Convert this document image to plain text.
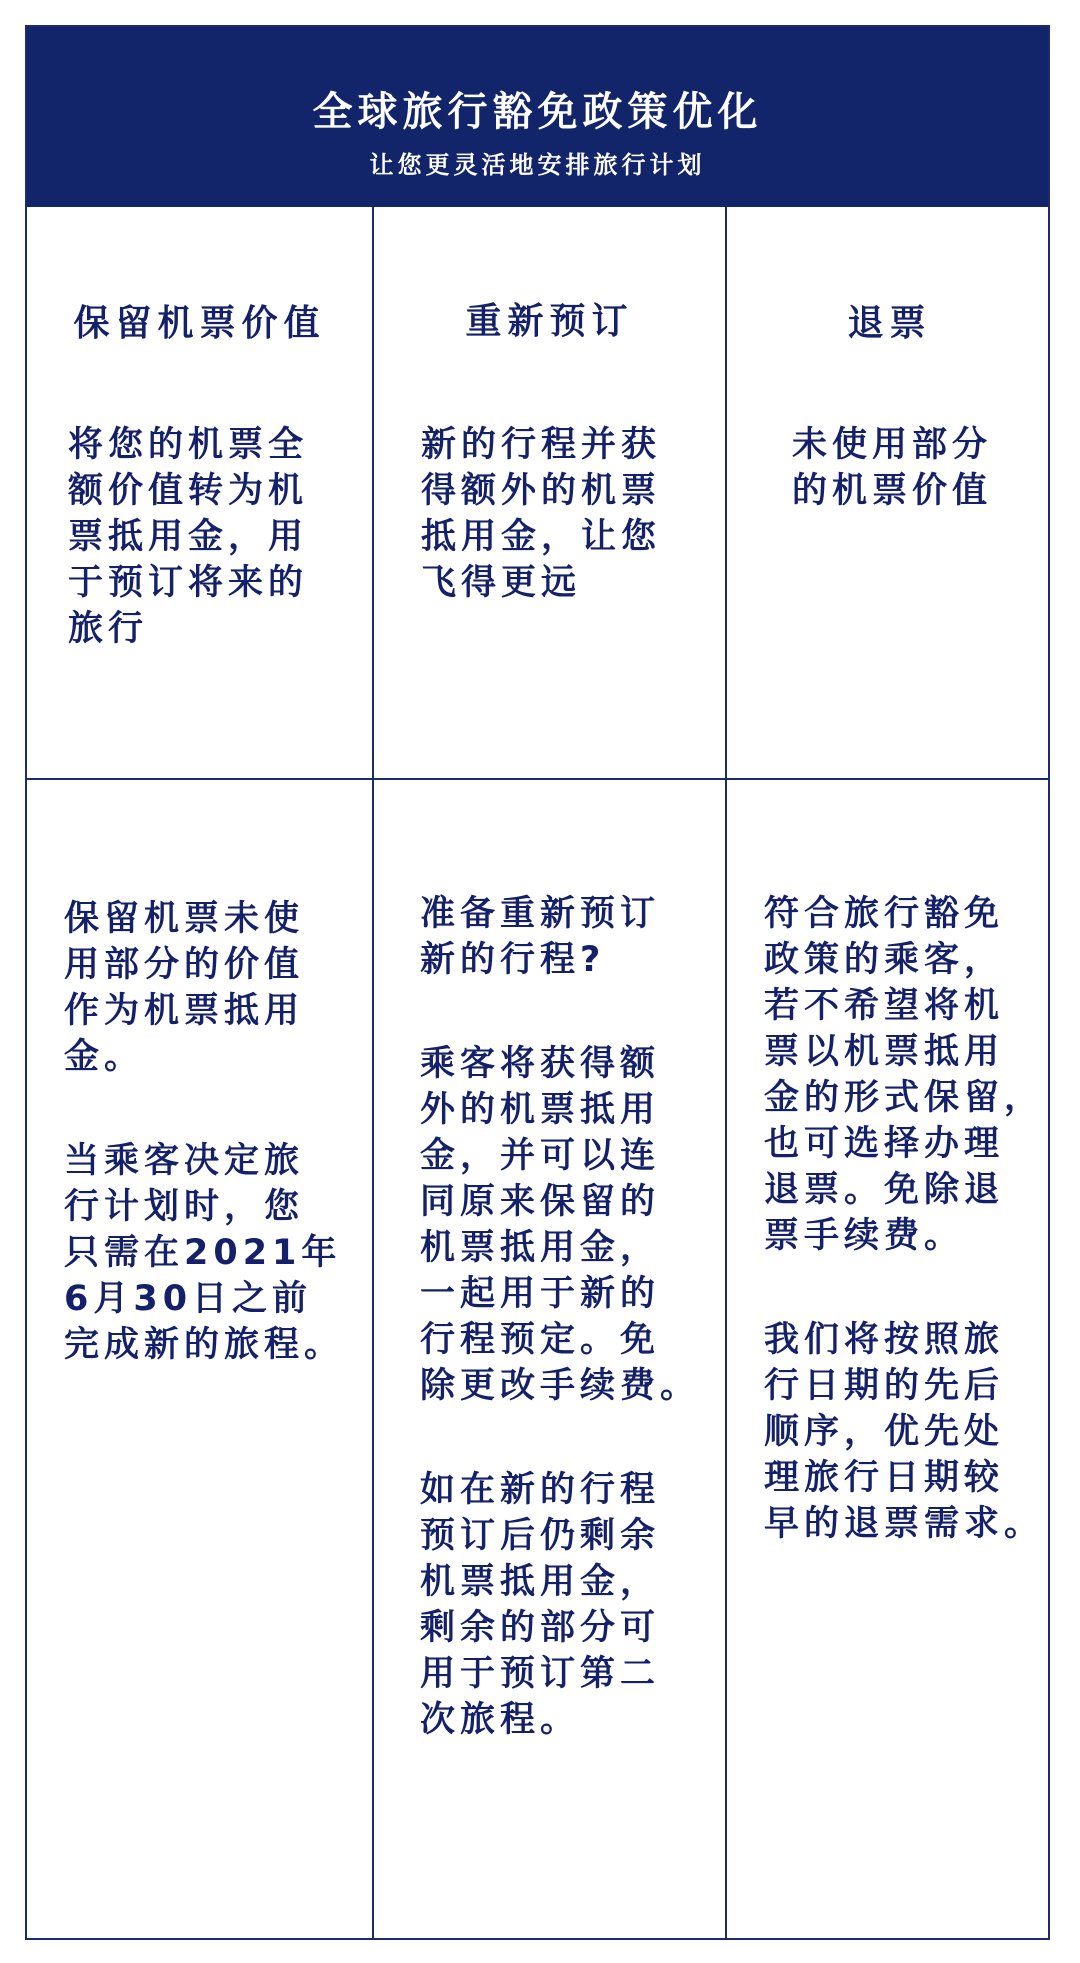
全球旅行豁免政策优化
让您更灵活地安排旅行计划
保留机票价值	重新预订	退票
将您的机票全
额价值转为机
票抵用金，用
于预订将来的
旅行
新的行程并获
得额外的机票
抵用金，让您
飞得更远
未使用部分
的机票价值
保留机票未使
用部分的价值
作为机票抵用
金。
当乘客决定旅
行计划时，您
只需在2021年
6月30日之前
完成新的旅程。
准备重新预订
新的行程?
乘客将获得额
外的机票抵用
金，并可以连
同原来保留的
机票抵用金，
一起用于新的
行程预定。免
除更改手续费。
如在新的行程
预订后仍剩余
机票抵用金，
剩余的部分可
用于预订第二
次旅程。
符合旅行豁免
政策的乘客，
若不希望将机
票以机票抵用
金的形式保留，
也可选择办理
退票。免除退
票手续费。
我们将按照旅
行日期的先后
顺序，优先处
理旅行日期较
早的退票需求。
